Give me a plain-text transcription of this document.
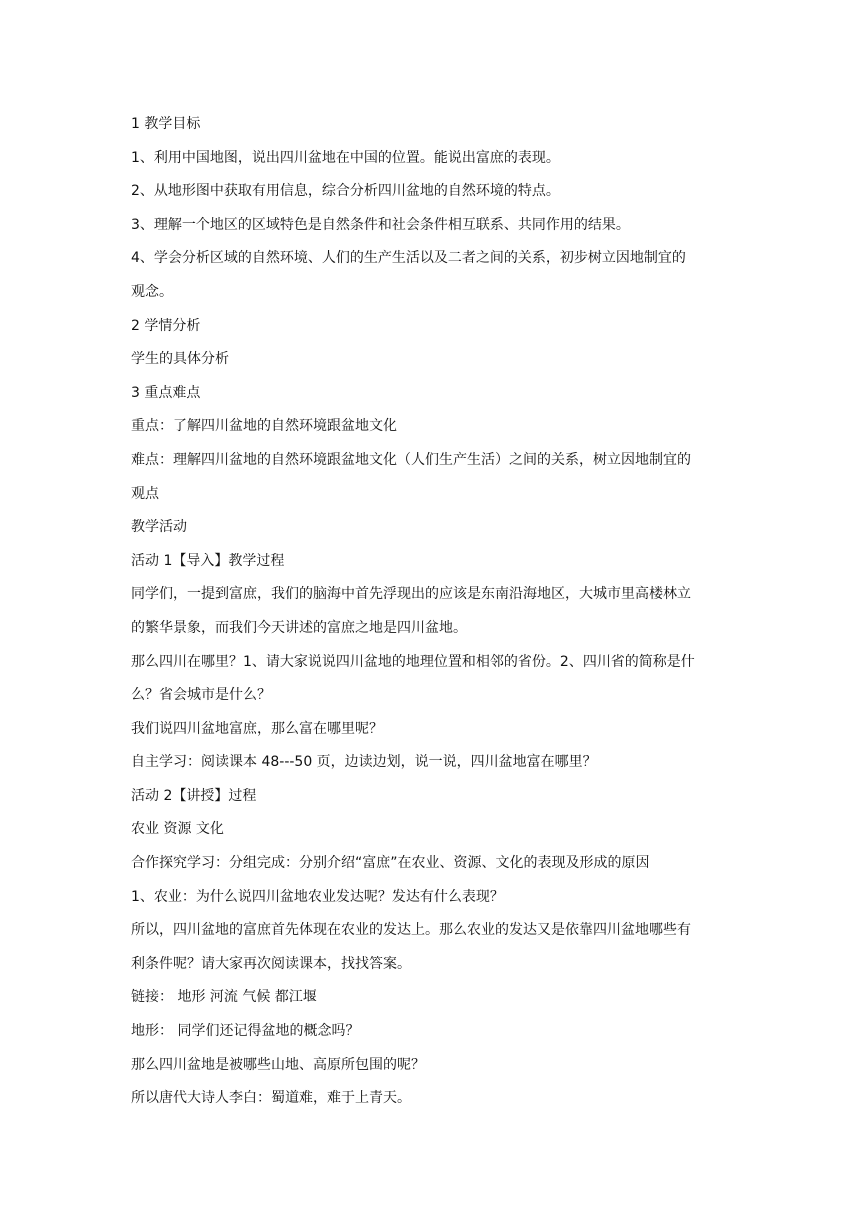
1 教学目标
1、利用中国地图，说出四川盆地在中国的位置。能说出富庶的表现。
2、从地形图中获取有用信息，综合分析四川盆地的自然环境的特点。
3、理解一个地区的区域特色是自然条件和社会条件相互联系、共同作用的结果。
4、学会分析区域的自然环境、人们的生产生活以及二者之间的关系，初步树立因地制宜的
观念。
2 学情分析
学生的具体分析
3 重点难点
重点：了解四川盆地的自然环境跟盆地文化
难点：理解四川盆地的自然环境跟盆地文化（人们生产生活）之间的关系，树立因地制宜的
观点
教学活动
活动 1【导入】教学过程
同学们，一提到富庶，我们的脑海中首先浮现出的应该是东南沿海地区，大城市里高楼林立
的繁华景象，而我们今天讲述的富庶之地是四川盆地。
那么四川在哪里？1、请大家说说四川盆地的地理位置和相邻的省份。2、四川省的简称是什
么？省会城市是什么？
我们说四川盆地富庶，那么富在哪里呢？
自主学习：阅读课本 48---50 页，边读边划，说一说，四川盆地富在哪里？
活动 2【讲授】过程
农业 资源 文化
合作探究学习：分组完成：分别介绍“富庶”在农业、资源、文化的表现及形成的原因
1、农业：为什么说四川盆地农业发达呢？发达有什么表现？
所以，四川盆地的富庶首先体现在农业的发达上。那么农业的发达又是依靠四川盆地哪些有
利条件呢？请大家再次阅读课本，找找答案。
链接： 地形 河流 气候 都江堰
地形： 同学们还记得盆地的概念吗？
那么四川盆地是被哪些山地、高原所包围的呢？
所以唐代大诗人李白：蜀道难，难于上青天。
